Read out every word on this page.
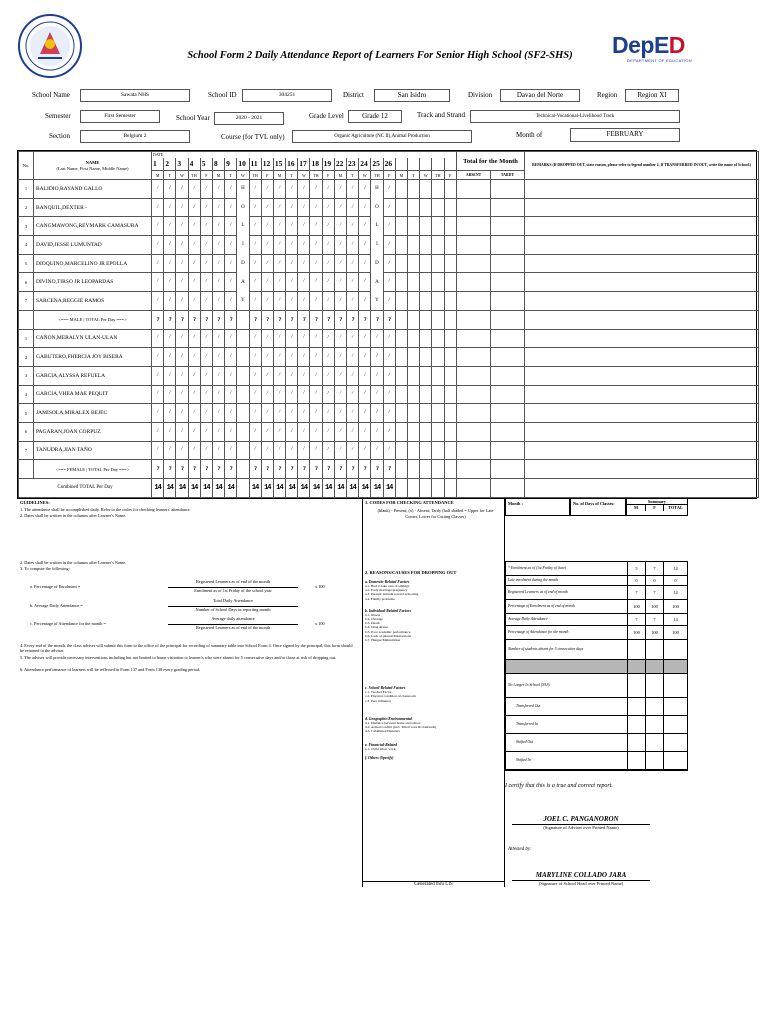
School Form 2 Daily Attendance Report of Learners For Senior High School (SF2-SHS)	DepED
DEPARTMENT OF EDUCATION
School Name	Sawata NHS	School ID	304251	District	San Isidro	Division	Davao del Norte	Region	Region XI
Semester	First Semester	School Year	2020 - 2021	Grade Level	Grade 12	Track and Strand	Technical-Vocational-Livelihood Track
Section	Belgium 2	Course (for TVL only)	Organic Agriculture (NC II),Animal Production	Month of	FEBRUARY
No.	NAME
(Last Name, First Name, Middle Name)	DATE																									Total for the Month		REMARKS (If DROPPED OUT, state reason, please refer to legend number 2. If TRANSFERRED IN/OUT, write the name of School.)
		1	2	3	4	5	8	9	10	11	12	15	16	17	18	19	22	23	24	25	26								
		M	T	W	TH	F	M	T	W	TH	F	M	T	W	TH	F	M	T	W	TH	F	M	T	W	TH	F	ABSENT	TARDY	
1	BALIDIO,RAYAND GALLO	/	/	/	/	/	/	/	H	/	/	/	/	/	/	/	/	/	/	H	/								
2	BANQUIL,DEXTER -	/	/	/	/	/	/	/	O	/	/	/	/	/	/	/	/	/	/	O	/								
3	CANGMAWONG,REYMARK CAMASURA	/	/	/	/	/	/	/	L	/	/	/	/	/	/	/	/	/	/	L	/								
4	DAVID,JESSE LUMUNTAD	/	/	/	/	/	/	/	I	/	/	/	/	/	/	/	/	/	/	I	/								
5	DIOQUINO,MARCELINO JR EPOLLA	/	/	/	/	/	/	/	D	/	/	/	/	/	/	/	/	/	/	D	/								
6	DIVINO,TIRSO JR LEOPARDAS	/	/	/	/	/	/	/	A	/	/	/	/	/	/	/	/	/	/	A	/								
7	SARCENA,REGGIE RAMOS	/	/	/	/	/	/	/	Y	/	/	/	/	/	/	/	/	/	/	Y	/								
	<=== MALE | TOTAL Per Day ===>	7	7	7	7	7	7	7		7	7	7	7	7	7	7	7	7	7	7	7								
1	CAÑON,MERALYN ULAN-ULAN	/	/	/	/	/	/	/		/	/	/	/	/	/	/	/	/	/	/	/								
2	GABUTERO,FHERCIA JOY BISERA	/	/	/	/	/	/	/		/	/	/	/	/	/	/	/	/	/	/	/								
3	GARCIA,ALYSSA REFUELA	/	/	/	/	/	/	/		/	/	/	/	/	/	/	/	/	/	/	/								
4	GARCIA,VHEA MAE PEQUIT	/	/	/	/	/	/	/		/	/	/	/	/	/	/	/	/	/	/	/								
5	JAMISOLA,MIRALEX BEJEC	/	/	/	/	/	/	/		/	/	/	/	/	/	/	/	/	/	/	/								
6	PAGARAN,JOAN CORPUZ	/	/	/	/	/	/	/		/	/	/	/	/	/	/	/	/	/	/	/								
7	TANUDRA,JIAN TAÑO	/	/	/	/	/	/	/		/	/	/	/	/	/	/	/	/	/	/	/								
	<=== FEMALE | TOTAL Per Day ===>	7	7	7	7	7	7	7		7	7	7	7	7	7	7	7	7	7	7	7								
Combined TOTAL Per Day		14	14	14	14	14	14	14		14	14	14	14	14	14	14	14	14	14	14	14								
GUIDELINES:
1. The attendance shall be accomplished daily. Refer to the codes for checking learners' attendance.
2. Dates shall be written in the columns after Learner's Name.
2. Dates shall be written in the columns after Learner's Name.
3. To compute the following:
a. Percentage of Enrolment =
Registered Learners as of end of the month
Enrolment as of 1st Friday of the school year
x 100
b. Average Daily Attendance =
Total Daily Attendance
Number of School Days in reporting month
c. Percentage of Attendance for the month =
Average daily attendance
Registered Learners as of end of the month
x 100
4. Every end of the month, the class adviser will submit this form to the office of the principal for recording of summary table into School Form 4. Once signed by the principal, this form should be returned to the adviser.
5. The adviser will provide necessary interventions including but not limited to home visitation to learner/s who were absent for 5 consecutive days and/or those at risk of dropping out.
6. Attendance performance of learners will be reflected in Form 137 and Form 138 every grading period.
1. CODES FOR CHECKING ATTENDANCE
(blank) - Present; (x) - Absent; Tardy (half shaded = Upper for Late
Comer, Lower for Cutting Classes)
2. REASONS/CAUSES FOR DROPPING OUT
a. Domestic-Related Factors
a.1. Had to take care of siblings
a.2. Early marriage/pregnancy
a.3. Parents' attitude toward schooling
a.4. Family problems
b. Individual-Related Factors
b.1. Illness
b.2. Overage
b.3. Death
b.4. Drug Abuse
b.5. Poor academic performance
b.6. Lack of interest/Distractions
b.7. Hunger/Malnutrition
c. School-Related Factors
c.1. Teacher Factor
c.2. Physical condition of classroom
c.3. Peer influence
d. Geographic/Environmental
d.1. Distance between home and school
d.2. Armed conflict (incl. Tribal wars & clanfeuds)
d.3. Calamities/Disasters
e. Financial-Related
e.1. Child labor, work
f. Others (Specify)
Month :	No. of Days of Classes:	Summary
M	F	TOTAL
* Enrolment as of (1st Friday of June)	5	7	14
Late enrolment during the month	0	0	0
Registered Learners as of end of month	7	7	14
Percentage of Enrolment as of end of month	100	100	100
Average Daily Attendance	7	7	14
Percentage of Attendance for the month	100	100	100
Number of students absent for 5 consecutive days
No Longer In School (NLS)
Transferred Out
Transferred In
Shifted Out
Shifted In
I certify that this is a true and correct report.
JOEL C. PANGANORON
(Signature of Adviser over Printed Name)
Attested by:
MARYLINE COLLADO JARA
(Signature of School Head over Printed Name)
Generated thru LIS
